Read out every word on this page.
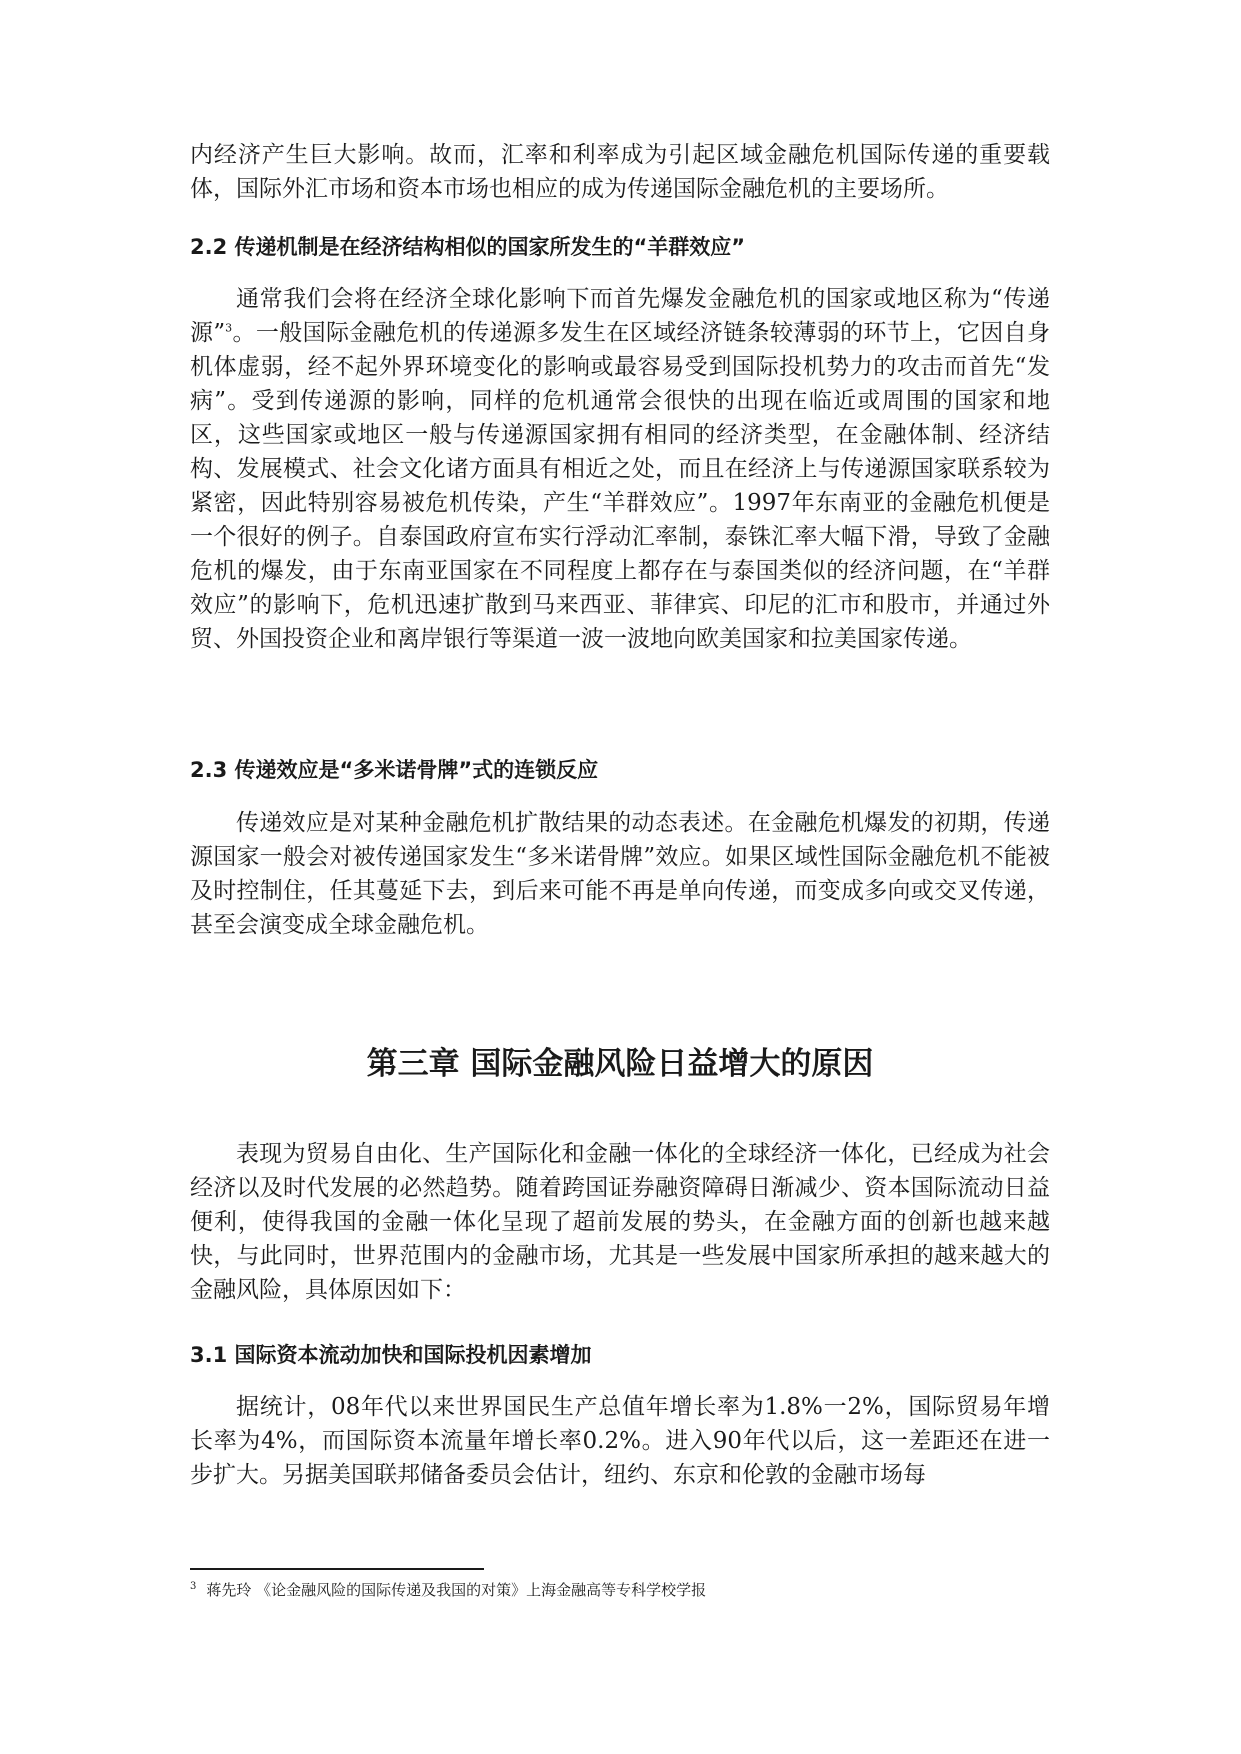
内经济产生巨大影响。故而，汇率和利率成为引起区域金融危机国际传递的重要载体，国际外汇市场和资本市场也相应的成为传递国际金融危机的主要场所。

2.2 传递机制是在经济结构相似的国家所发生的“羊群效应”

通常我们会将在经济全球化影响下而首先爆发金融危机的国家或地区称为“传递源”$^3$。一般国际金融危机的传递源多发生在区域经济链条较薄弱的环节上，它因自身机体虚弱，经不起外界环境变化的影响或最容易受到国际投机势力的攻击而首先“发病”。受到传递源的影响，同样的危机通常会很快的出现在临近或周围的国家和地区，这些国家或地区一般与传递源国家拥有相同的经济类型，在金融体制、经济结构、发展模式、社会文化诸方面具有相近之处，而且在经济上与传递源国家联系较为紧密，因此特别容易被危机传染，产生“羊群效应”。1997年东南亚的金融危机便是一个很好的例子。自泰国政府宣布实行浮动汇率制，泰铢汇率大幅下滑，导致了金融危机的爆发，由于东南亚国家在不同程度上都存在与泰国类似的经济问题，在“羊群效应”的影响下，危机迅速扩散到马来西亚、菲律宾、印尼的汇市和股市，并通过外贸、外国投资企业和离岸银行等渠道一波一波地向欧美国家和拉美国家传递。

2.3 传递效应是“多米诺骨牌”式的连锁反应

传递效应是对某种金融危机扩散结果的动态表述。在金融危机爆发的初期，传递源国家一般会对被传递国家发生“多米诺骨牌”效应。如果区域性国际金融危机不能被及时控制住，任其蔓延下去，到后来可能不再是单向传递，而变成多向或交叉传递，甚至会演变成全球金融危机。

第三章 国际金融风险日益增大的原因

表现为贸易自由化、生产国际化和金融一体化的全球经济一体化，已经成为社会经济以及时代发展的必然趋势。随着跨国证券融资障碍日渐减少、资本国际流动日益便利，使得我国的金融一体化呈现了超前发展的势头，在金融方面的创新也越来越快，与此同时，世界范围内的金融市场，尤其是一些发展中国家所承担的越来越大的金融风险，具体原因如下：

3.1 国际资本流动加快和国际投机因素增加

据统计，08年代以来世界国民生产总值年增长率为1.8%一2%，国际贸易年增长率为4%，而国际资本流量年增长率0.2%。进入90年代以后，这一差距还在进一步扩大。另据美国联邦储备委员会估计，纽约、东京和伦敦的金融市场每

$^3$ 蒋先玲 《论金融风险的国际传递及我国的对策》上海金融高等专科学校学报
